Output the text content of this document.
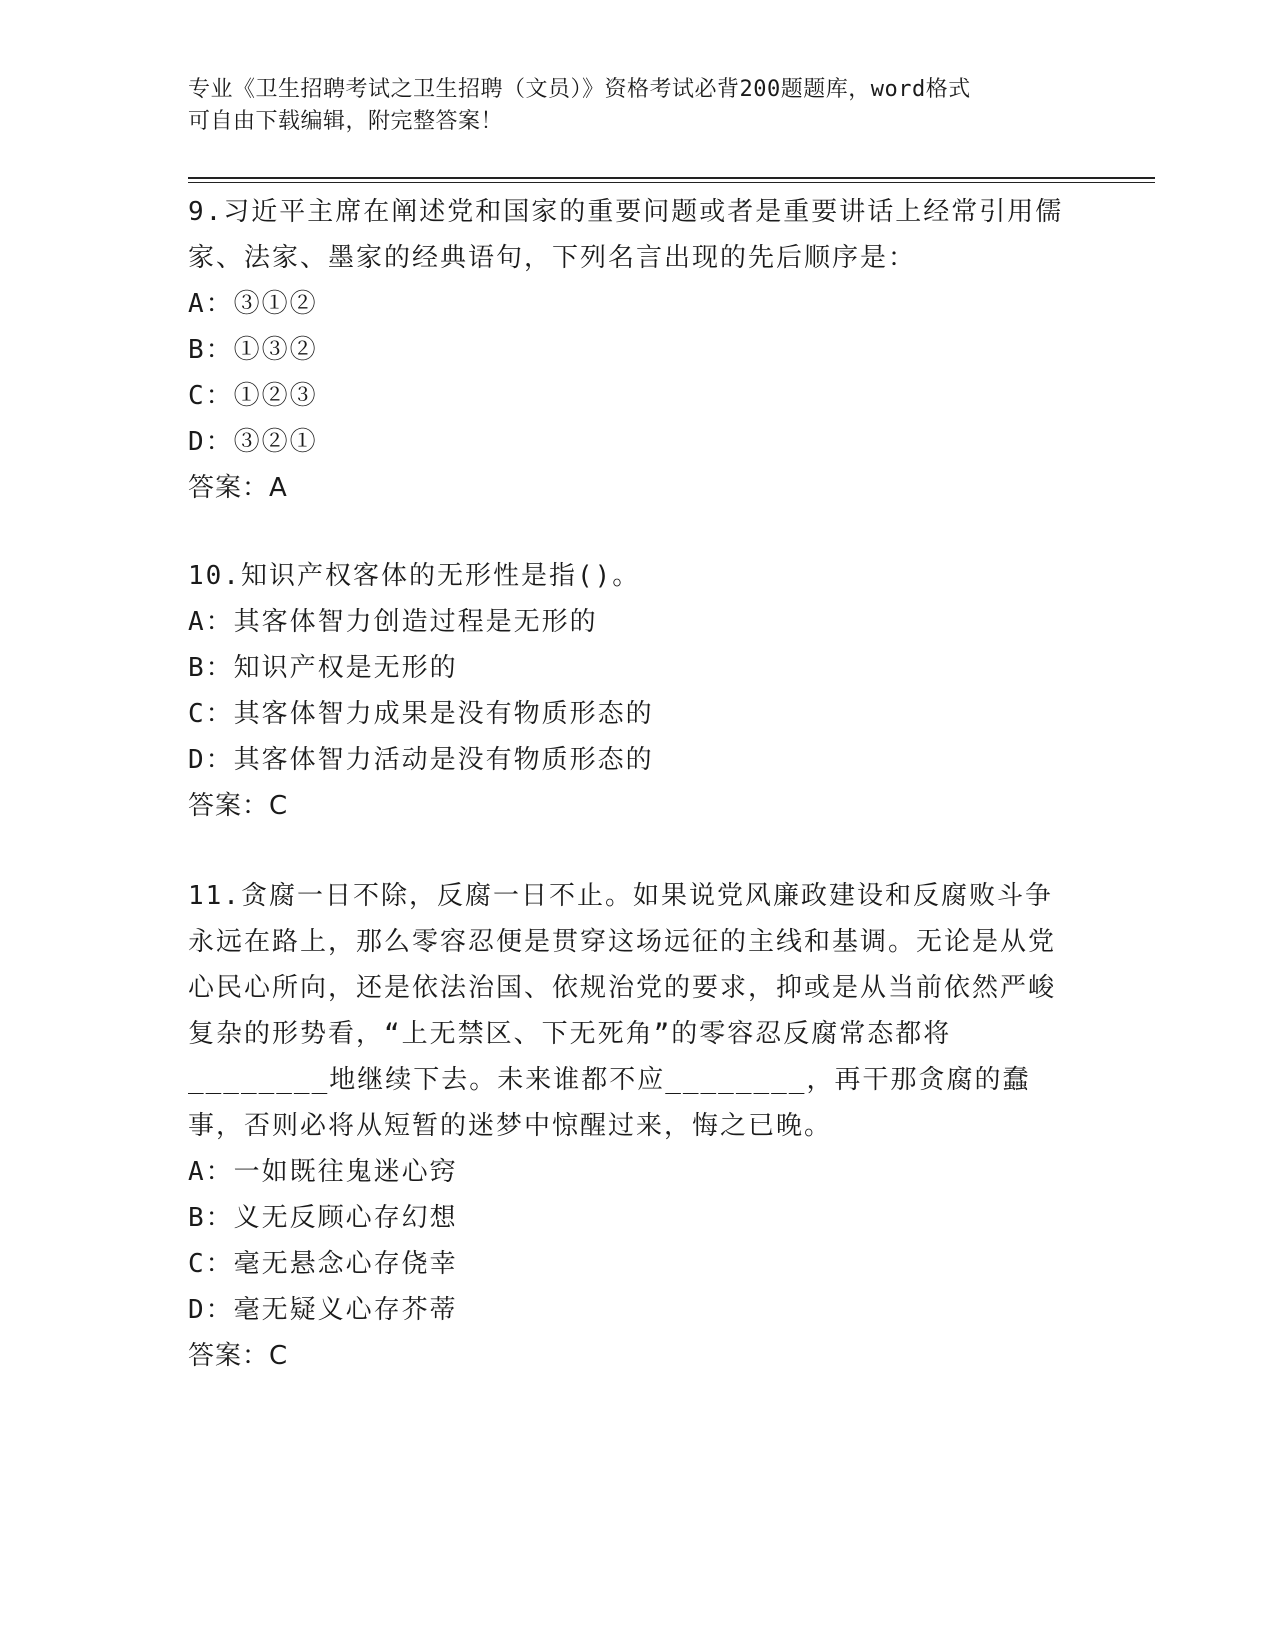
专业《卫生招聘考试之卫生招聘（文员）》资格考试必背200题题库，word格式
可自由下载编辑，附完整答案！
9.习近平主席在阐述党和国家的重要问题或者是重要讲话上经常引用儒家、法家、墨家的经典语句，下列名言出现的先后顺序是：
A：③①②
B：①③②
C：①②③
D：③②①
答案：A
10.知识产权客体的无形性是指()。
A：其客体智力创造过程是无形的
B：知识产权是无形的
C：其客体智力成果是没有物质形态的
D：其客体智力活动是没有物质形态的
答案：C
11.贪腐一日不除，反腐一日不止。如果说党风廉政建设和反腐败斗争永远在路上，那么零容忍便是贯穿这场远征的主线和基调。无论是从党心民心所向，还是依法治国、依规治党的要求，抑或是从当前依然严峻复杂的形势看，“上无禁区、下无死角”的零容忍反腐常态都将________地继续下去。未来谁都不应________，再干那贪腐的蠢事，否则必将从短暂的迷梦中惊醒过来，悔之已晚。
A：一如既往鬼迷心窍
B：义无反顾心存幻想
C：毫无悬念心存侥幸
D：毫无疑义心存芥蒂
答案：C
